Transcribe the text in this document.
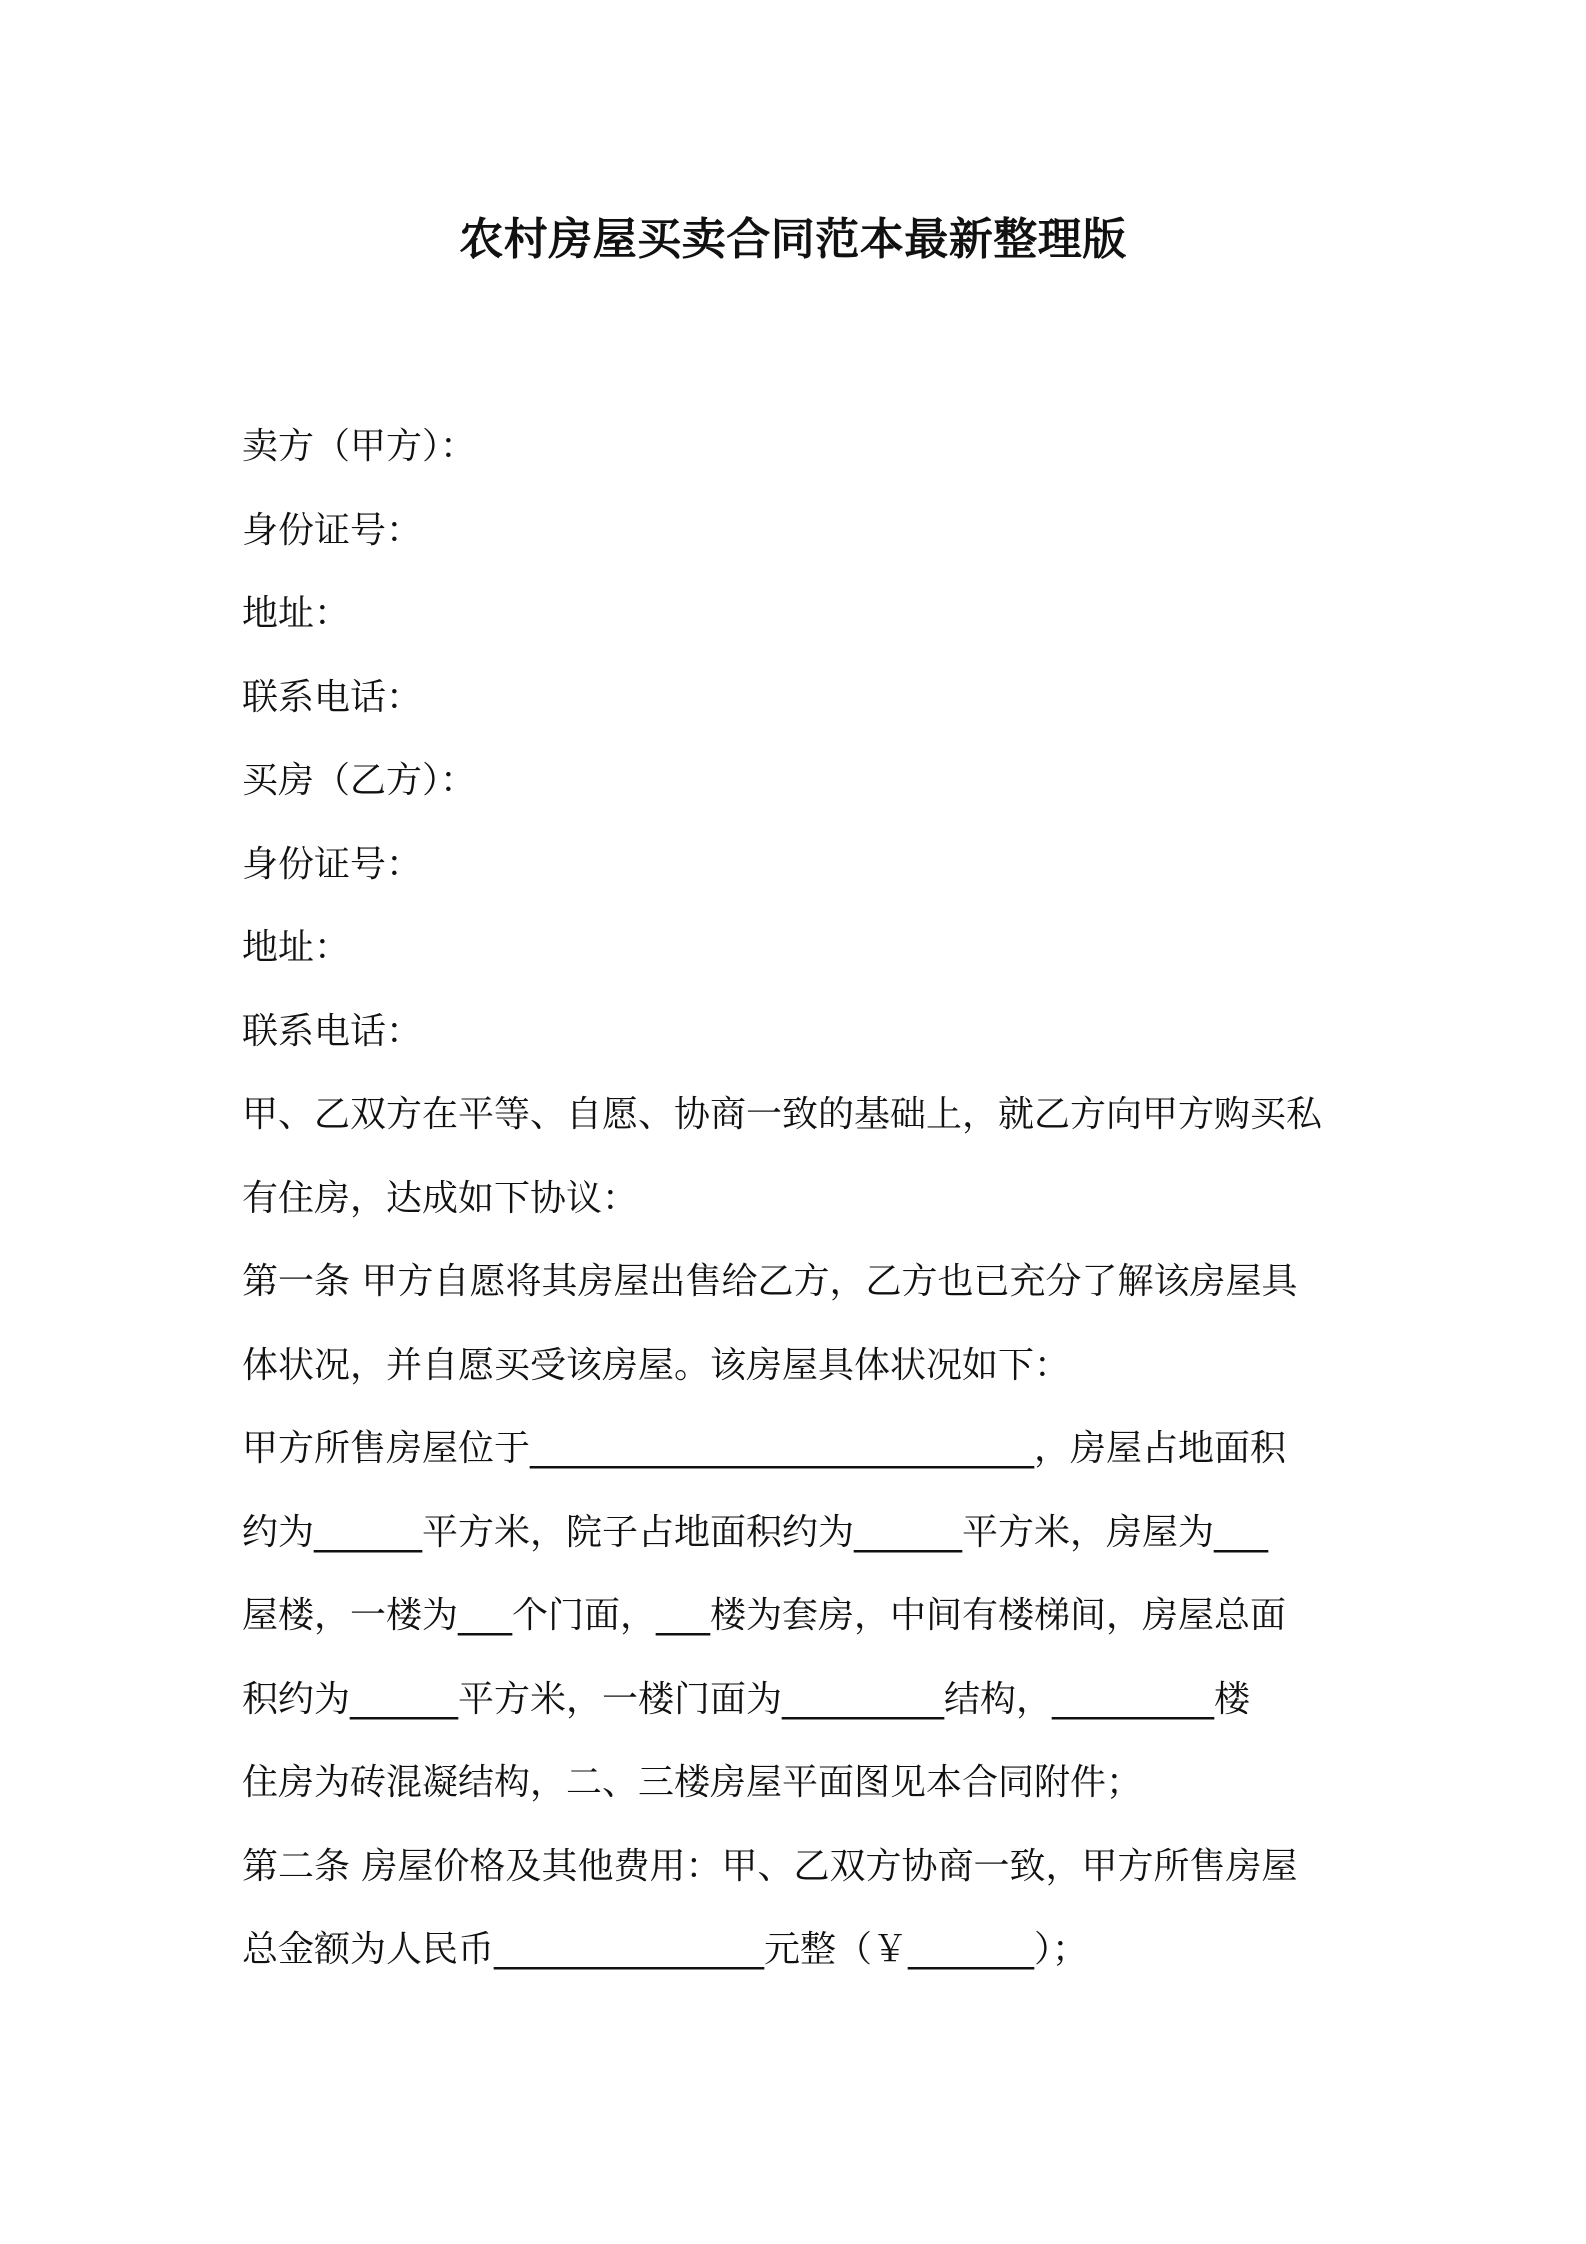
农村房屋买卖合同范本最新整理版
卖方（甲方）：
身份证号：
地址：
联系电话：
买房（乙方）：
身份证号：
地址：
联系电话：
甲、乙双方在平等、自愿、协商一致的基础上，就乙方向甲方购买私
有住房，达成如下协议：
第一条 甲方自愿将其房屋出售给乙方，乙方也已充分了解该房屋具
体状况，并自愿买受该房屋。该房屋具体状况如下：
甲方所售房屋位于____________________________，房屋占地面积
约为______平方米，院子占地面积约为______平方米，房屋为___
屋楼，一楼为___个门面，___楼为套房，中间有楼梯间，房屋总面
积约为______平方米，一楼门面为_________结构，_________楼
住房为砖混凝结构，二、三楼房屋平面图见本合同附件；
第二条 房屋价格及其他费用：甲、乙双方协商一致，甲方所售房屋
总金额为人民币_______________元整（￥_______）；
